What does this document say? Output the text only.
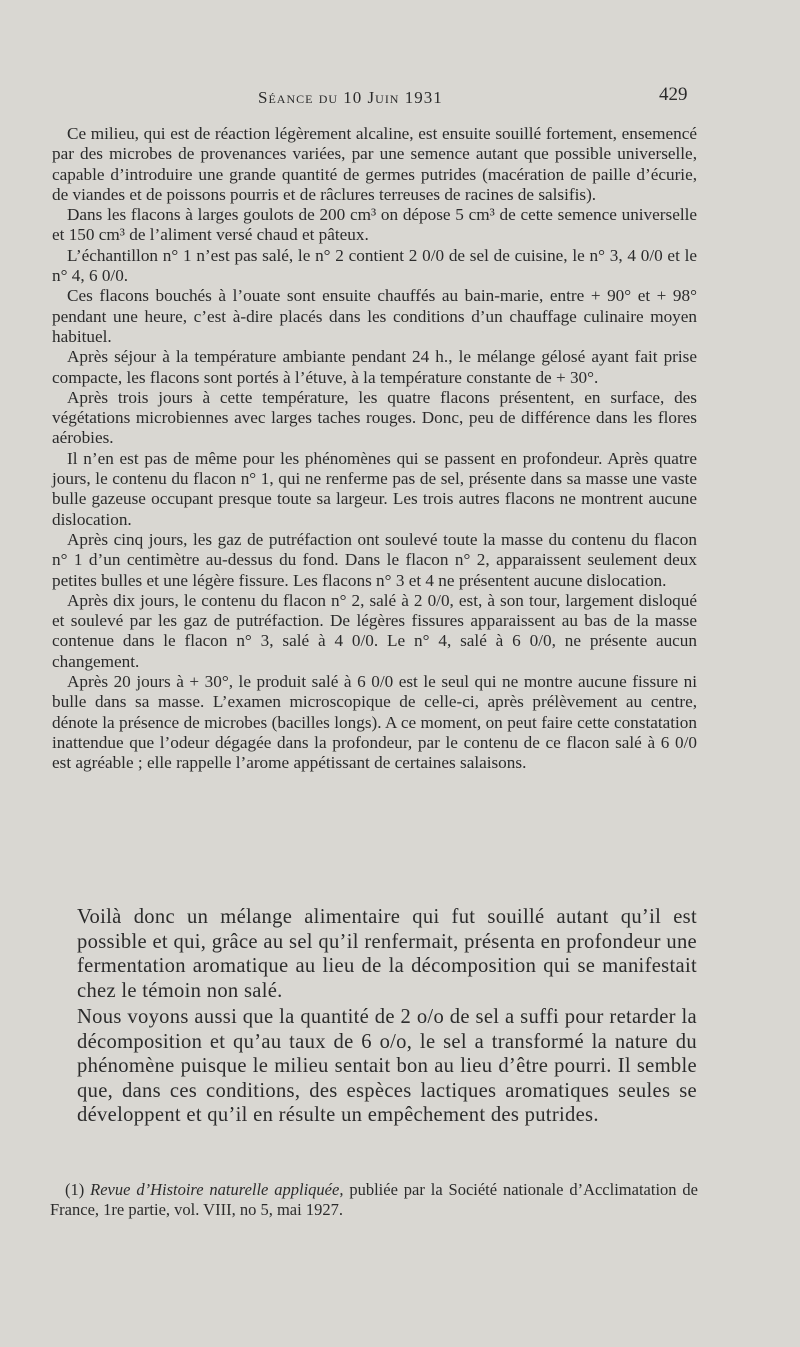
Séance du 10 Juin 1931	429

Ce milieu, qui est de réaction légèrement alcaline, est ensuite souillé fortement, ensemencé par des microbes de provenances variées, par une semence autant que possible universelle, capable d’introduire une grande quantité de germes putrides (macération de paille d’écurie, de viandes et de poissons pourris et de râclures terreuses de racines de salsifis).

Dans les flacons à larges goulots de 200 cm³ on dépose 5 cm³ de cette semence universelle et 150 cm³ de l’aliment versé chaud et pâteux.

L’échantillon n° 1 n’est pas salé, le n° 2 contient 2 0/0 de sel de cuisine, le n° 3, 4 0/0 et le n° 4, 6 0/0.

Ces flacons bouchés à l’ouate sont ensuite chauffés au bain-marie, entre + 90° et + 98° pendant une heure, c’est à-dire placés dans les conditions d’un chauffage culinaire moyen habituel.

Après séjour à la température ambiante pendant 24 h., le mélange gélosé ayant fait prise compacte, les flacons sont portés à l’étuve, à la température constante de + 30°.

Après trois jours à cette température, les quatre flacons présentent, en surface, des végétations microbiennes avec larges taches rouges. Donc, peu de différence dans les flores aérobies.

Il n’en est pas de même pour les phénomènes qui se passent en profondeur. Après quatre jours, le contenu du flacon n° 1, qui ne renferme pas de sel, présente dans sa masse une vaste bulle gazeuse occupant presque toute sa largeur. Les trois autres flacons ne montrent aucune dislocation.

Après cinq jours, les gaz de putréfaction ont soulevé toute la masse du contenu du flacon n° 1 d’un centimètre au-dessus du fond. Dans le flacon n° 2, apparaissent seulement deux petites bulles et une légère fissure. Les flacons n° 3 et 4 ne présentent aucune dislocation.

Après dix jours, le contenu du flacon n° 2, salé à 2 0/0, est, à son tour, largement disloqué et soulevé par les gaz de putréfaction. De légères fissures apparaissent au bas de la masse contenue dans le flacon n° 3, salé à 4 0/0. Le n° 4, salé à 6 0/0, ne présente aucun changement.

Après 20 jours à + 30°, le produit salé à 6 0/0 est le seul qui ne montre aucune fissure ni bulle dans sa masse. L’examen microscopique de celle-ci, après prélèvement au centre, dénote la présence de microbes (bacilles longs). A ce moment, on peut faire cette constatation inattendue que l’odeur dégagée dans la profondeur, par le contenu de ce flacon salé à 6 0/0 est agréable ; elle rappelle l’arome appétissant de certaines salaisons.

Voilà donc un mélange alimentaire qui fut souillé autant qu’il est possible et qui, grâce au sel qu’il renfermait, présenta en profondeur une fermentation aromatique au lieu de la décomposition qui se manifestait chez le témoin non salé.

Nous voyons aussi que la quantité de 2 o/o de sel a suffi pour retarder la décomposition et qu’au taux de 6 o/o, le sel a transformé la nature du phénomène puisque le milieu sentait bon au lieu d’être pourri. Il semble que, dans ces conditions, des espèces lactiques aromatiques seules se développent et qu’il en résulte un empêchement des putrides.

(1) Revue d’Histoire naturelle appliquée, publiée par la Société nationale d’Acclimatation de France, 1re partie, vol. VIII, no 5, mai 1927.
